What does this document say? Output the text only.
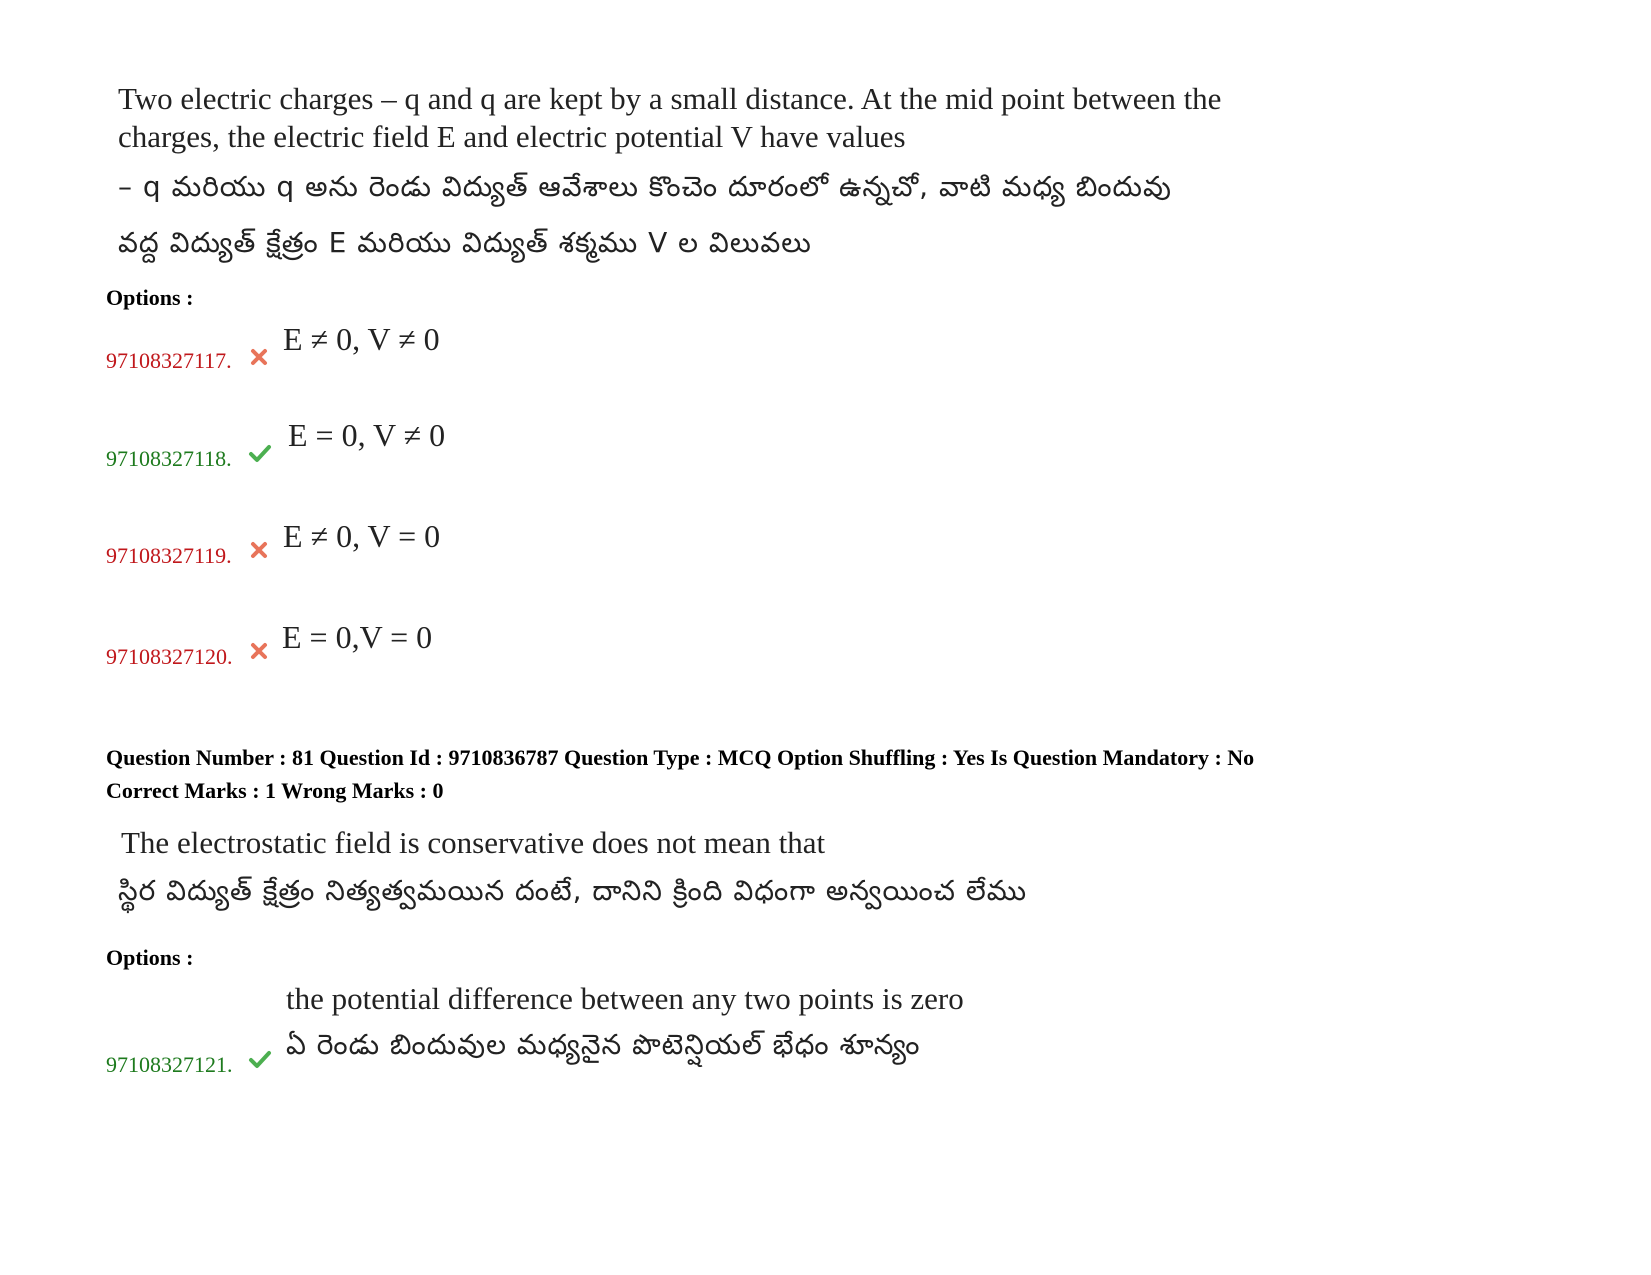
Two electric charges – q and q are kept by a small distance. At the mid point between the
charges, the electric field E and electric potential V have values
– q మరియు q అను రెండు విద్యుత్ ఆవేశాలు కొంచెం దూరంలో ఉన్నచో, వాటి మధ్య బిందువు
వద్ద విద్యుత్ క్షేత్రం E మరియు విద్యుత్ శక్మము V ల విలువలు
Options :
97108327117.
E ≠ 0, V ≠ 0
97108327118.
E = 0, V ≠ 0
97108327119.
E ≠ 0, V = 0
97108327120.
E = 0,V = 0
Question Number : 81 Question Id : 9710836787 Question Type : MCQ Option Shuffling : Yes Is Question Mandatory : No
Correct Marks : 1 Wrong Marks : 0
The electrostatic field is conservative does not mean that
స్థిర విద్యుత్ క్షేత్రం నిత్యత్వమయిన దంటే, దానిని క్రింది విధంగా అన్వయించ లేము
Options :
the potential difference between any two points is zero
ఏ రెండు బిందువుల మధ్యనైన పొటెన్షియల్ భేధం శూన్యం
97108327121.
